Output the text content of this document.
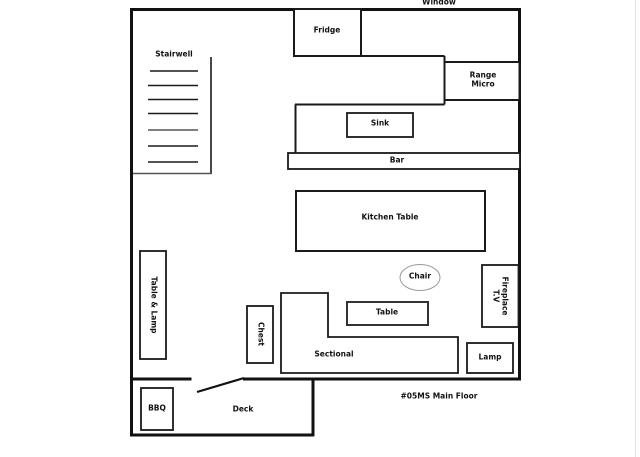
Window
Fridge
Stairwell
Range
Micro
Sink
Bar
Kitchen Table
Chair
Fireplace
T.V
Table & Lamp
Chest
Table
Sectional	Lamp
BBQ	Deck
#05MS Main Floor
